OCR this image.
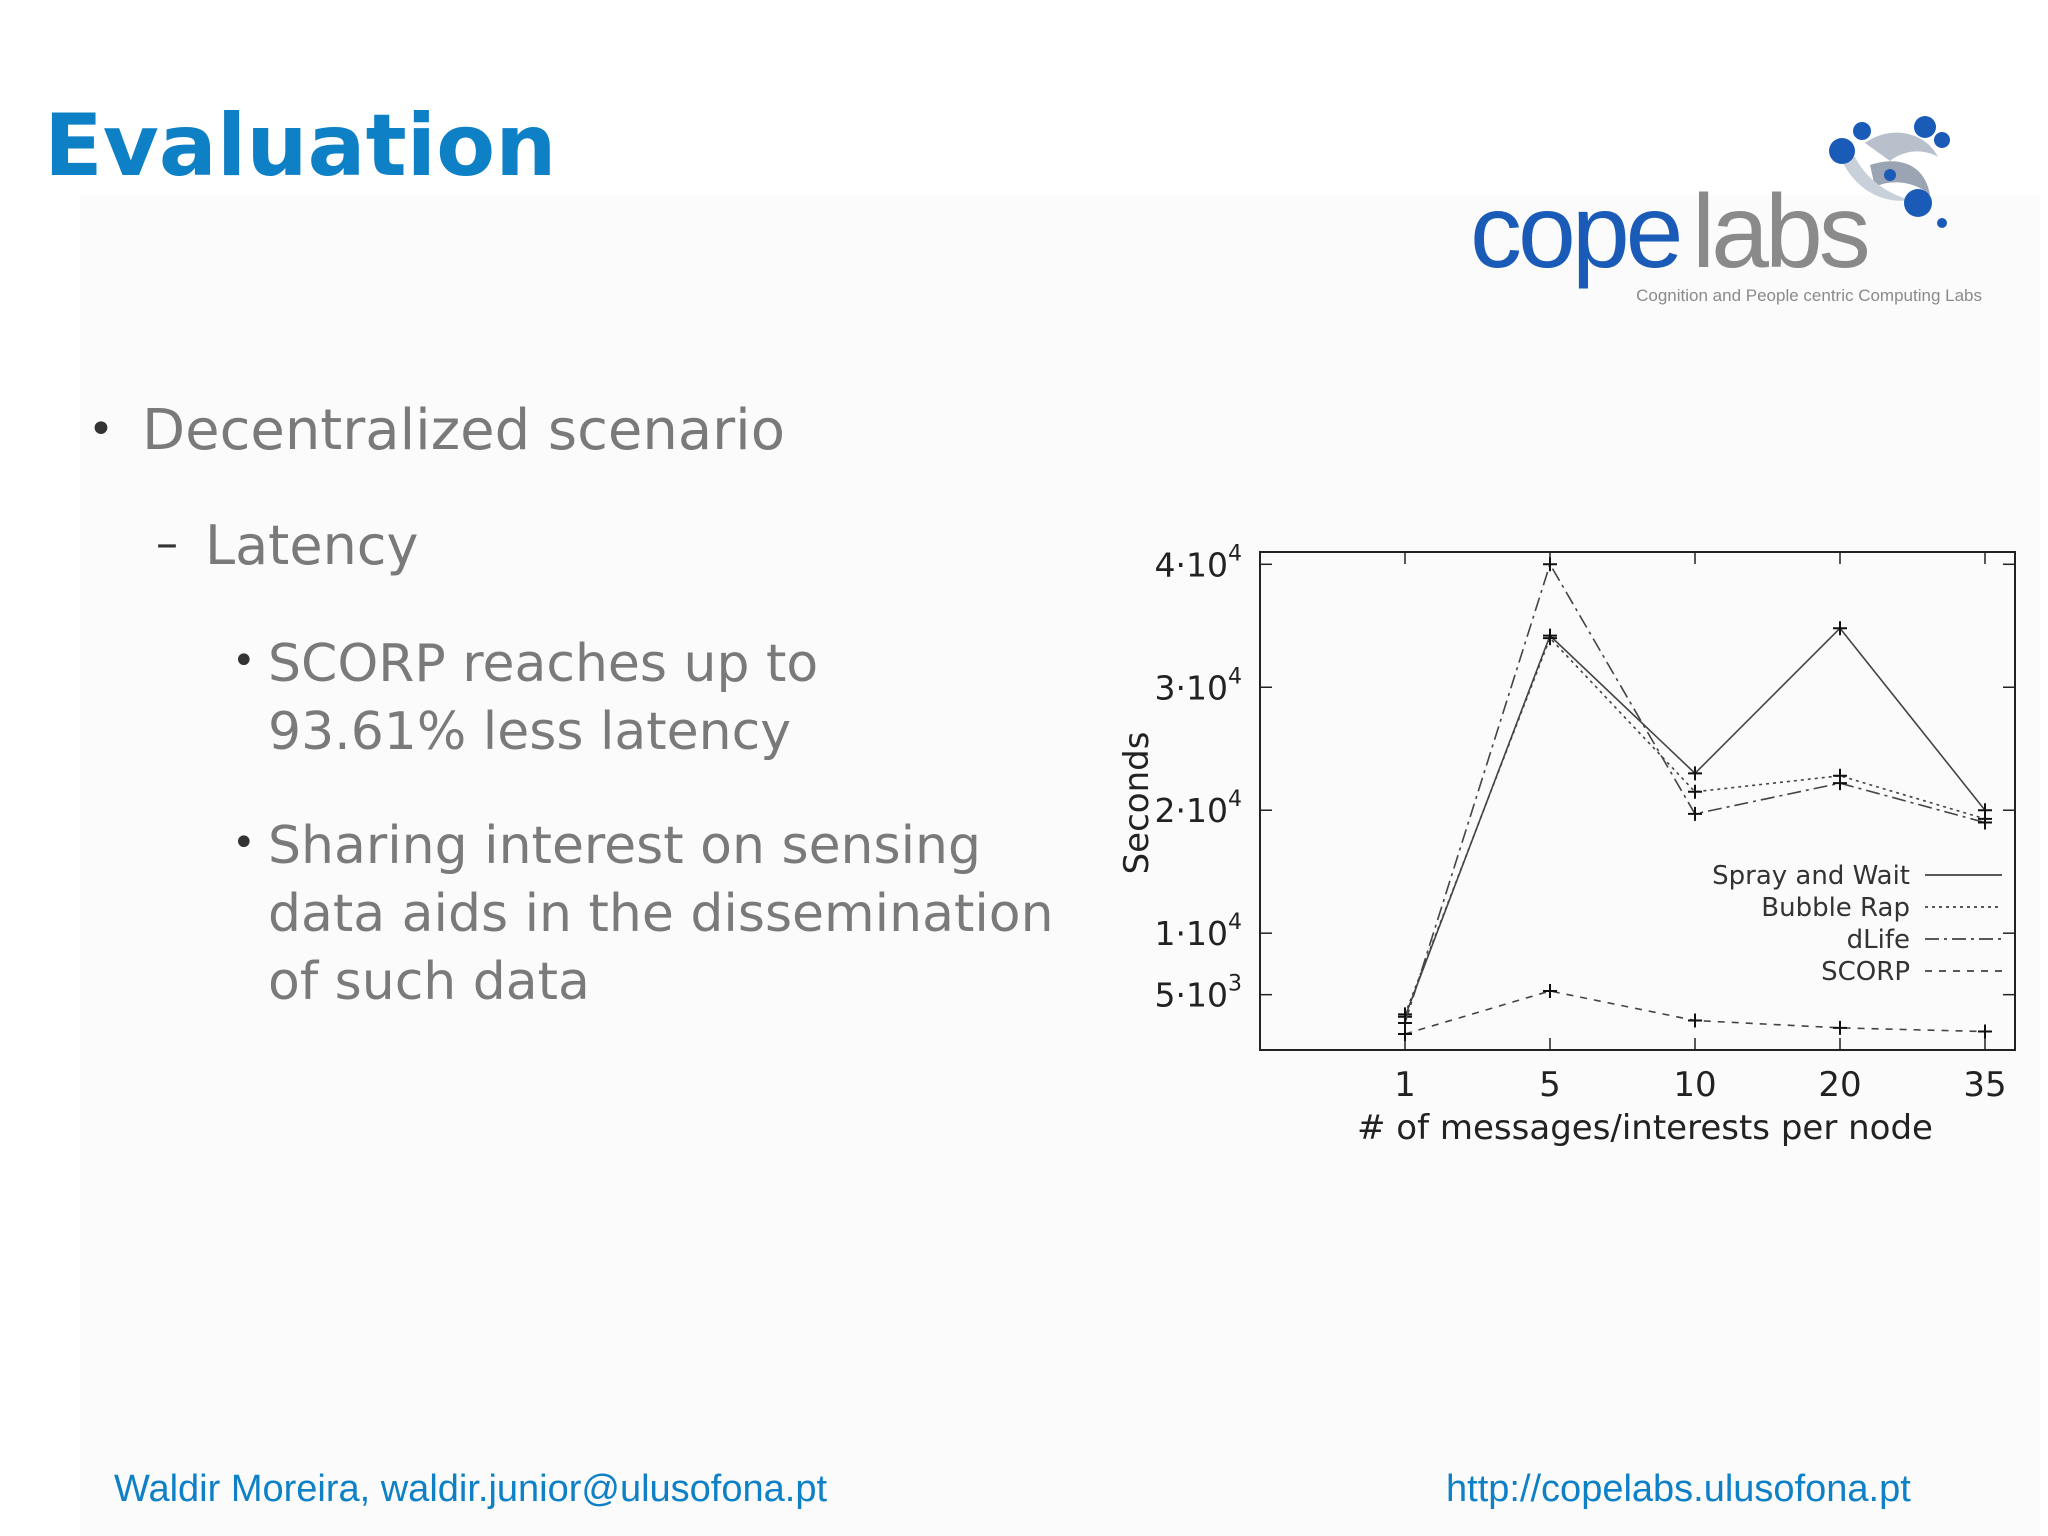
Evaluation
cope labs
Cognition and People centric Computing Labs
• Decentralized scenario
– Latency
• SCORP reaches up to
93.61% less latency
• Sharing interest on sensing
data aids in the dissemination
of such data	$5\cdot 10^3$
$1\cdot 10^4$
$2\cdot 10^4$
$3\cdot 10^4$
$4\cdot 10^4$
1	5	10	20	35
# of messages/interests per node
Seconds
Spray and Wait
Bubble Rap
dLife
SCORP
Waldir Moreira, waldir.junior@ulusofona.pt	http://copelabs.ulusofona.pt
